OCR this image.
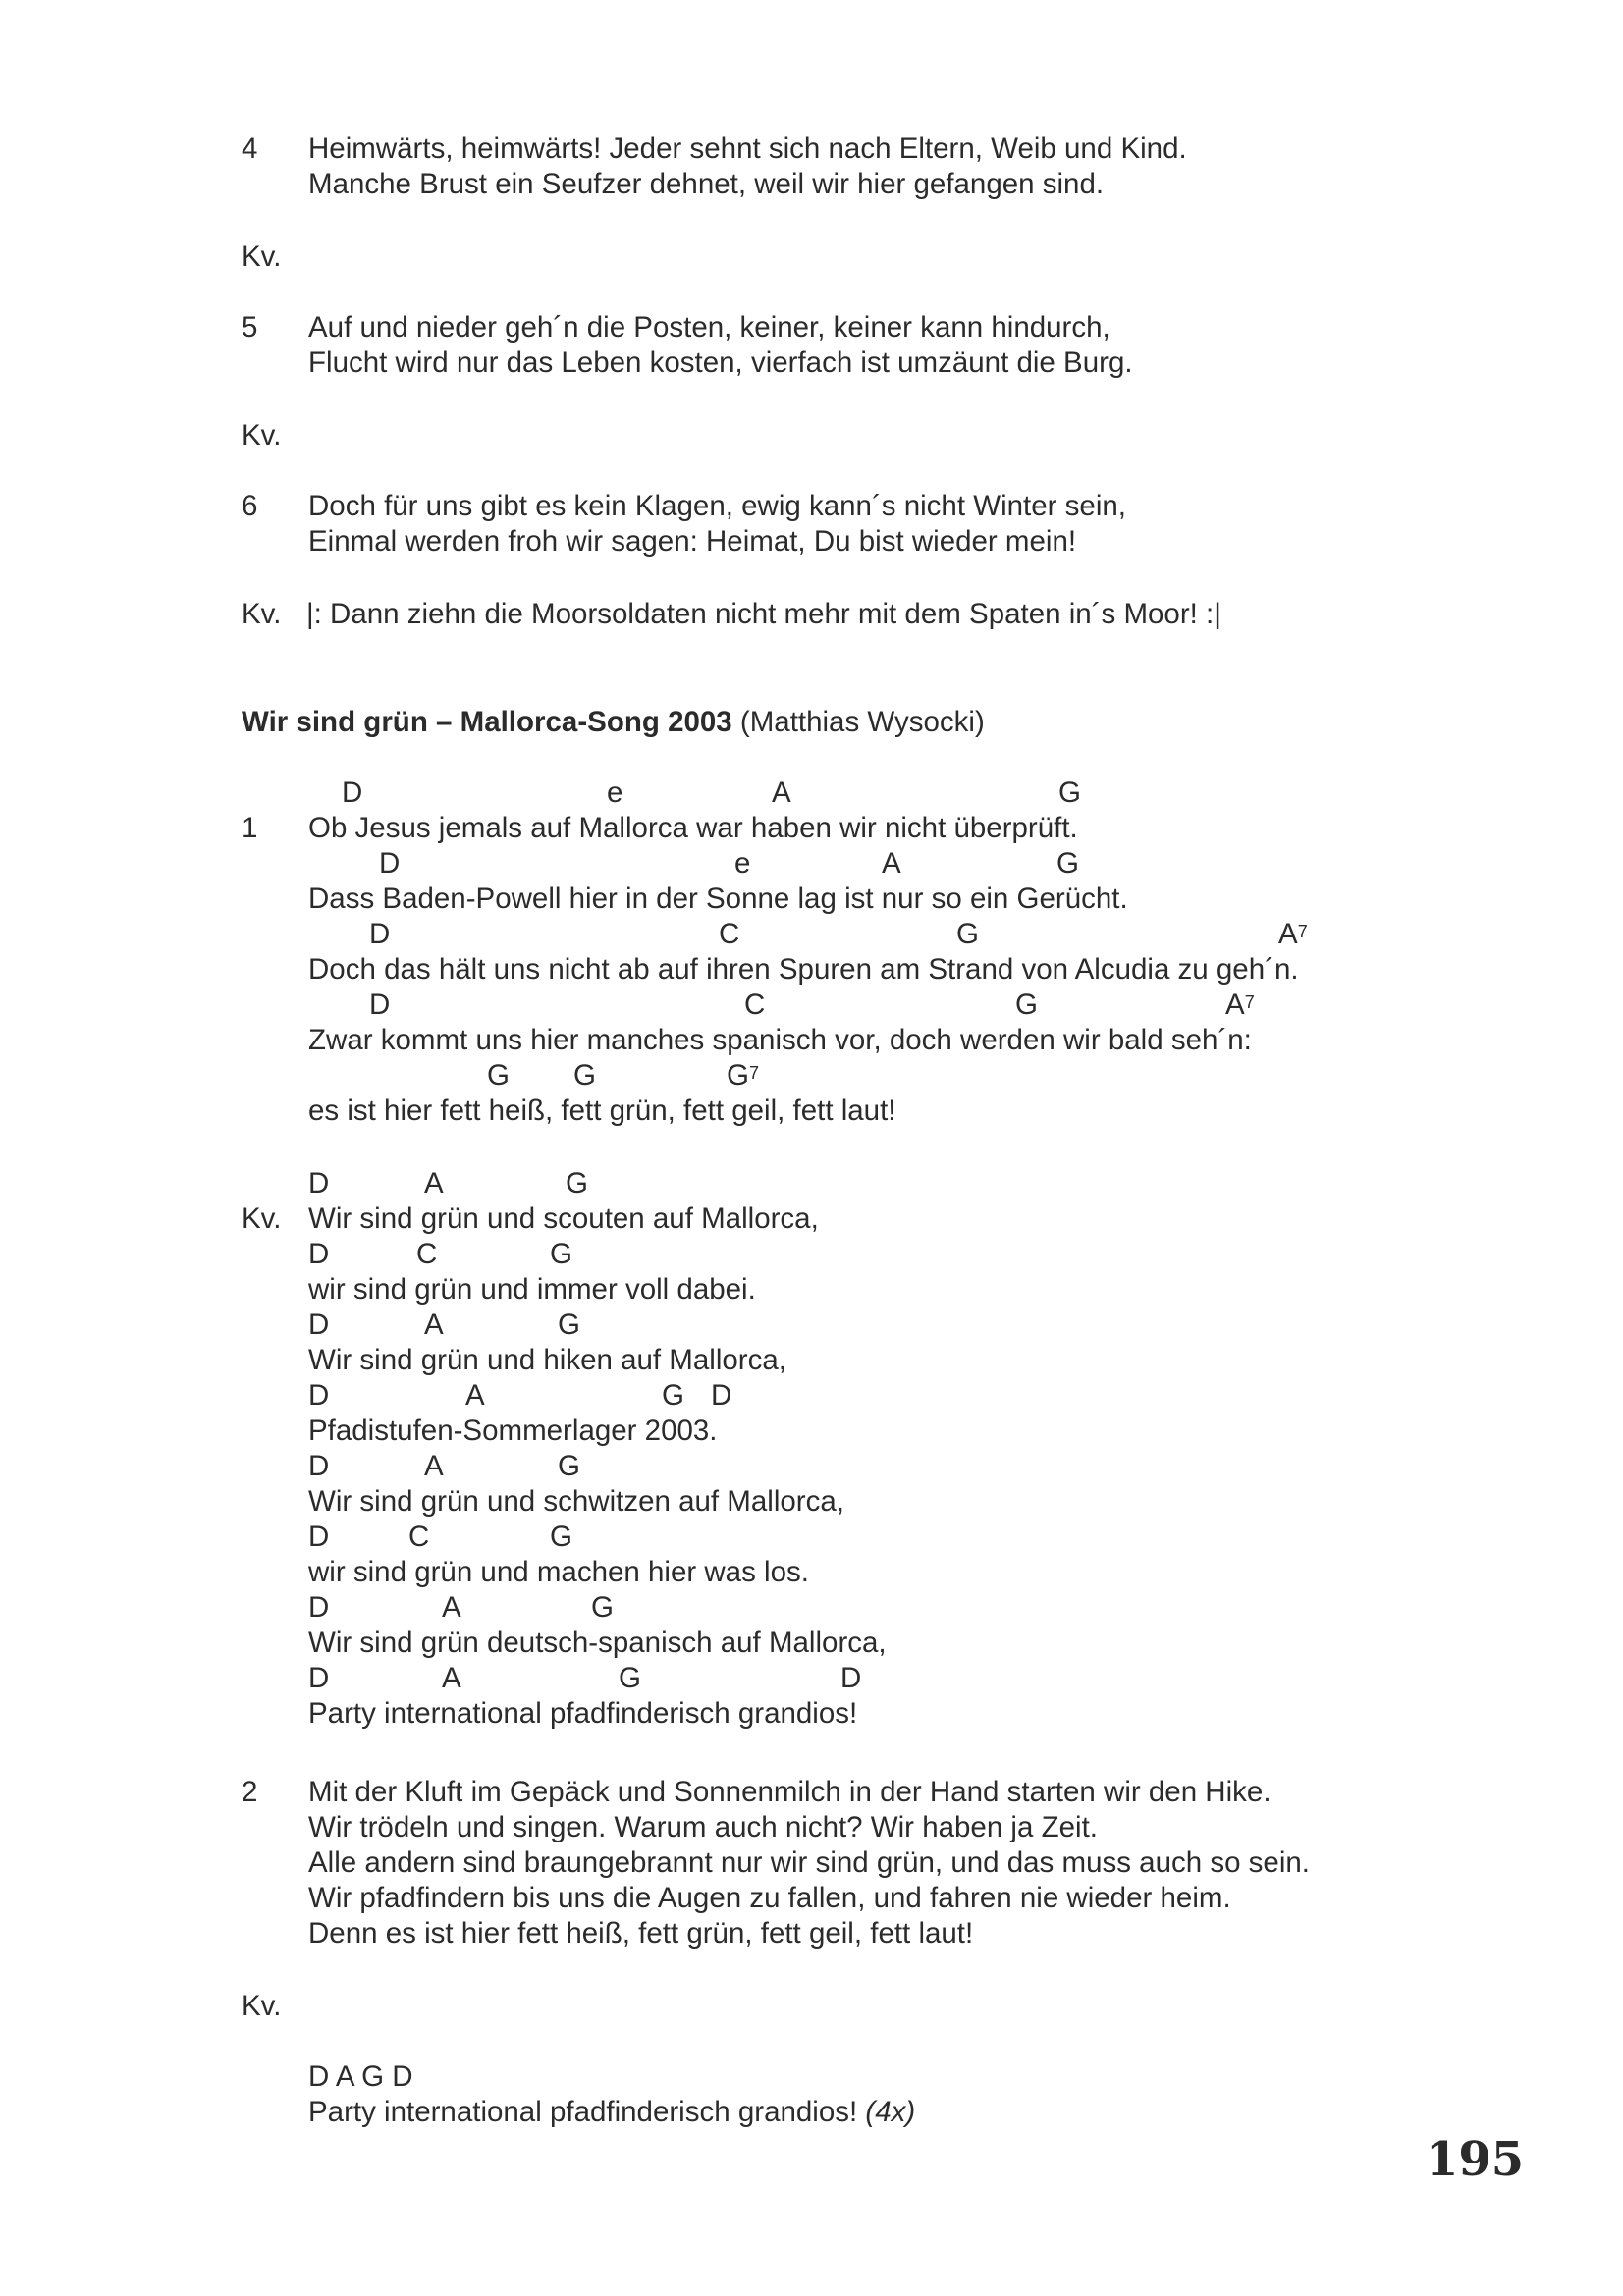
4 Heimwärts, heimwärts! Jeder sehnt sich nach Eltern, Weib und Kind.
Manche Brust ein Seufzer dehnet, weil wir hier gefangen sind.
Kv.
5 Auf und nieder geh´n die Posten, keiner, keiner kann hindurch,
Flucht wird nur das Leben kosten, vierfach ist umzäunt die Burg.
Kv.
6 Doch für uns gibt es kein Klagen, ewig kann´s nicht Winter sein,
Einmal werden froh wir sagen: Heimat, Du bist wieder mein!
Kv. |: Dann ziehn die Moorsoldaten nicht mehr mit dem Spaten in´s Moor! :|
Wir sind grün – Mallorca-Song 2003 (Matthias Wysocki)

D

	e

	A

	G

1 Ob Jesus jemals auf Mallorca war haben wir nicht überprüft.

D

	e

	A

	G

Dass Baden-Powell hier in der Sonne lag ist nur so ein Gerücht.

D

	C

	G

	$A^7$

Doch das hält uns nicht ab auf ihren Spuren am Strand von Alcudia zu geh´n.

D

	C

	G

	$A^7$

Zwar kommt uns hier manches spanisch vor, doch werden wir bald seh´n:

G

G

	$G^7$

es ist hier fett heiß, fett grün, fett geil, fett laut!

D

	A

	G

Kv. Wir sind grün und scouten auf Mallorca,

D

	C

	G

wir sind grün und immer voll dabei.

D

	A

	G

Wir sind grün und hiken auf Mallorca,

D

	A

	G

D

Pfadistufen-Sommerlager 2003.

D

	A

	G

Wir sind grün und schwitzen auf Mallorca,

D

	C

	G

wir sind grün und machen hier was los.

D

	A

	G

Wir sind grün deutsch-spanisch auf Mallorca,

D

	A

	G

	D

Party international pfadfinderisch grandios!
2 Mit der Kluft im Gepäck und Sonnenmilch in der Hand starten wir den Hike.
Wir trödeln und singen. Warum auch nicht? Wir haben ja Zeit.
Alle andern sind braungebrannt nur wir sind grün, und das muss auch so sein.
Wir pfadfindern bis uns die Augen zu fallen, und fahren nie wieder heim.
Denn es ist hier fett heiß, fett grün, fett geil, fett laut!
Kv.
D A G D
Party international pfadfinderisch grandios! (4x)
195
